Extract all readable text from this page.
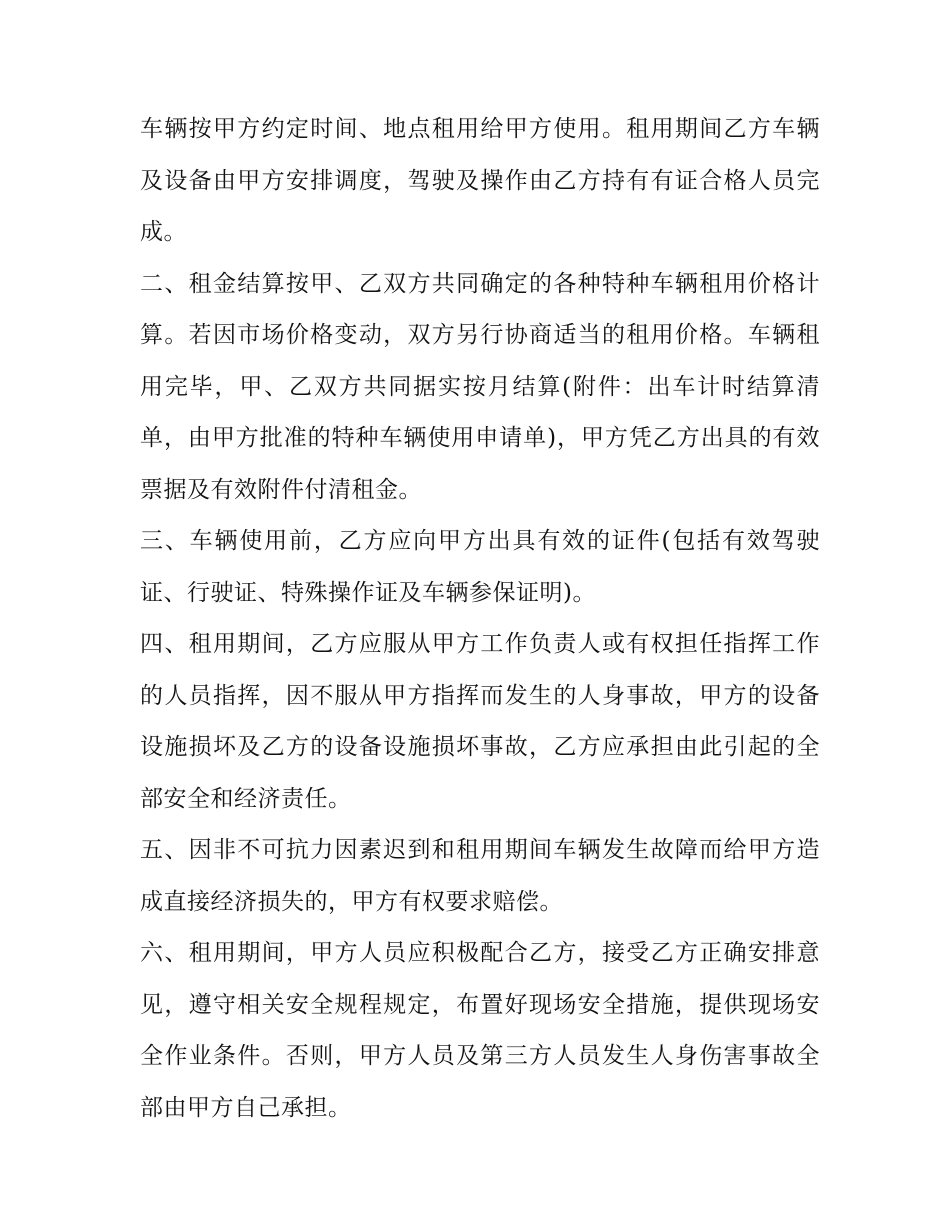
车辆按甲方约定时间、地点租用给甲方使用。租用期间乙方车辆及设备由甲方安排调度，驾驶及操作由乙方持有有证合格人员完成。

二、租金结算按甲、乙双方共同确定的各种特种车辆租用价格计算。若因市场价格变动，双方另行协商适当的租用价格。车辆租用完毕，甲、乙双方共同据实按月结算(附件：出车计时结算清单，由甲方批准的特种车辆使用申请单)，甲方凭乙方出具的有效票据及有效附件付清租金。

三、车辆使用前，乙方应向甲方出具有效的证件(包括有效驾驶证、行驶证、特殊操作证及车辆参保证明)。

四、租用期间，乙方应服从甲方工作负责人或有权担任指挥工作的人员指挥，因不服从甲方指挥而发生的人身事故，甲方的设备设施损坏及乙方的设备设施损坏事故，乙方应承担由此引起的全部安全和经济责任。

五、因非不可抗力因素迟到和租用期间车辆发生故障而给甲方造成直接经济损失的，甲方有权要求赔偿。

六、租用期间，甲方人员应积极配合乙方，接受乙方正确安排意见，遵守相关安全规程规定，布置好现场安全措施，提供现场安全作业条件。否则，甲方人员及第三方人员发生人身伤害事故全部由甲方自己承担。
